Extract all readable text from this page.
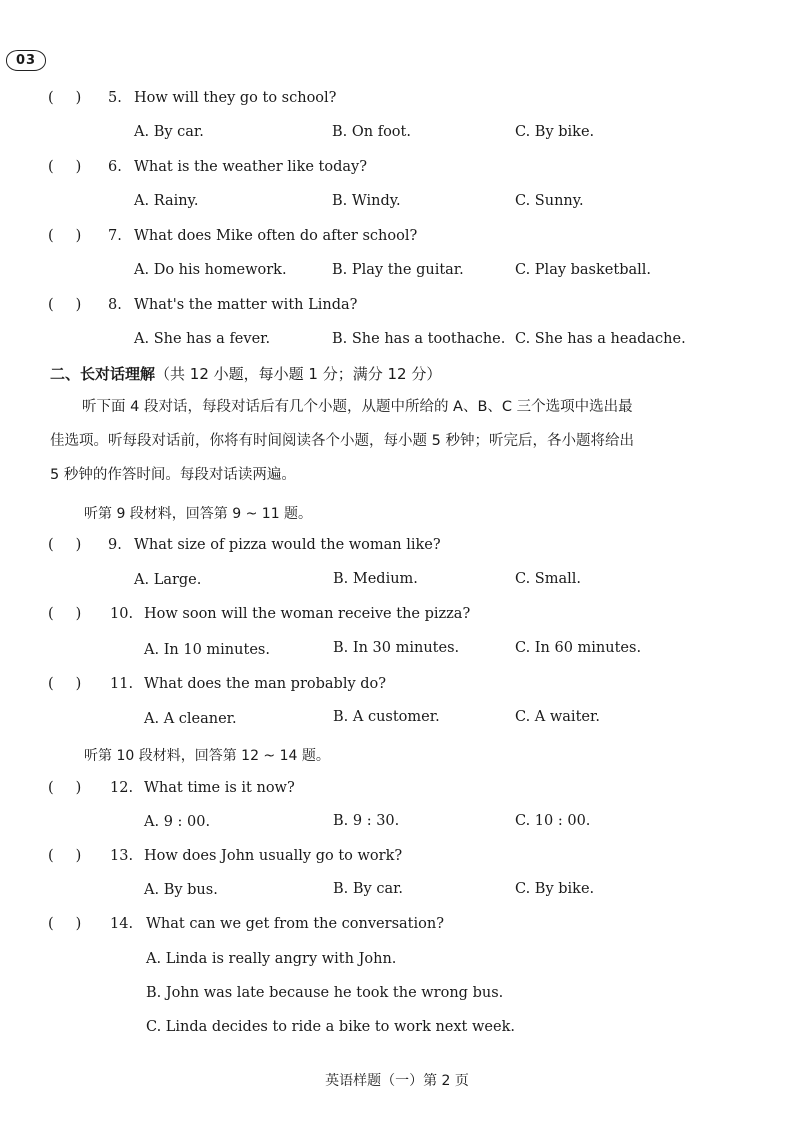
03
( ) 5. How will they go to school?
A. By car.	B. On foot.	C. By bike.
( ) 6. What is the weather like today?
A. Rainy.	B. Windy.	C. Sunny.
( ) 7. What does Mike often do after school?
A. Do his homework.	B. Play the guitar.	C. Play basketball.
( ) 8. What's the matter with Linda?
A. She has a fever.	B. She has a toothache. C. She has a headache.
二、长对话理解（共 12 小题，每小题 1 分；满分 12 分）
听下面 4 段对话，每段对话后有几个小题，从题中所给的 A、B、C 三个选项中选出最
佳选项。听每段对话前，你将有时间阅读各个小题，每小题 5 秒钟；听完后，各小题将给出
5 秒钟的作答时间。每段对话读两遍。
听第 9 段材料，回答第 9 ~ 11 题。
( ) 9. What size of pizza would the woman like?
A. Large.	B. Medium.	C. Small.
( ) 10. How soon will the woman receive the pizza?
A. In 10 minutes.	B. In 30 minutes.	C. In 60 minutes.
( ) 11. What does the man probably do?
A. A cleaner.	B. A customer.	C. A waiter.
听第 10 段材料，回答第 12 ~ 14 题。
( ) 12. What time is it now?
A. 9 : 00.	B. 9 : 30.	C. 10 : 00.
( ) 13. How does John usually go to work?
A. By bus.	B. By car.	C. By bike.
( ) 14. What can we get from the conversation?
A. Linda is really angry with John.
B. John was late because he took the wrong bus.
C. Linda decides to ride a bike to work next week.
英语样题（一）第 2 页
